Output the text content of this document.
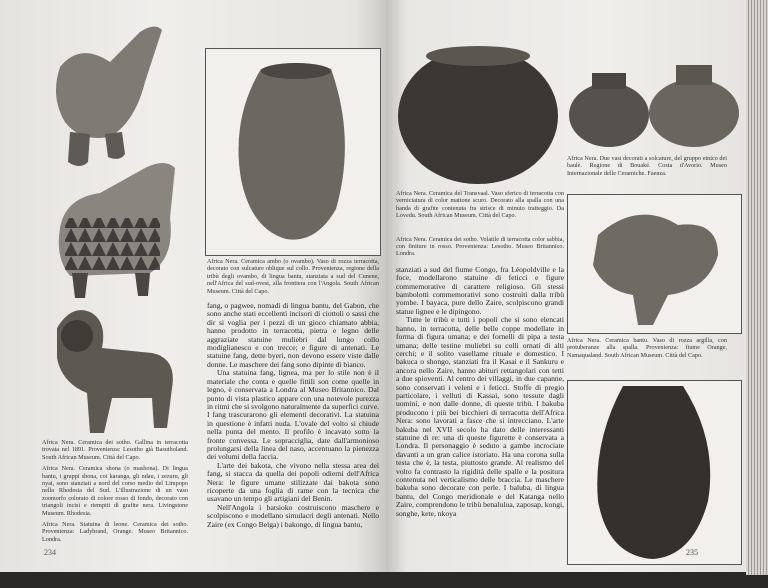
Africa Nera. Ceramica dei sotho. Gallina in terracotta trovata nel 1891. Provenienza: Lesotho già Basutholand. South African Museum. Città del Capo.
Africa Nera. Ceramica shona (o mashona). Di lingua bantu, i gruppi shona, coi karanga, gli ndau, i zezuru, gli nyai, sono stanziati a nord del corso medio del Limpopo nella Rhodesia del Sud. L'illustrazione di un vaso zoomorfo colorato di colore rosso di fondo, decorato con triangoli incisi e riempiti di grafite nera. Livingstone Museum. Rhodesia.
Africa Nera. Statuina di leone. Ceramica dei sotho. Provenienza: Ladybrand, Orange. Museo Britannico. Londra.
Africa Nera. Ceramica ambo (o ovambo). Vaso di rozza terracotta, decorato con sulcature oblique sul collo. Provenienza, regione della tribù degli ovambo, di lingua bantu, stanziata a sud del Cunene, nell'Africa del sud-ovest, alla frontiera con l'Angola. South African Museum. Città del Capo.

fang, o pagwee, nomadi di lingua bantu, del Gabon, che sono anche stati eccellenti incisori di ciottoli o sassi che dir si voglia per i pezzi di un gioco chiamato abbia, hanno prodotto in terracotta, pietra e legno delle aggraziate statuine muliebri dal lungo collo modiglianesco e con trecce; e figure di antenati. Le statuine fang, dette byeri, non devono essere viste dalle donne. Le maschere dei fang sono dipinte di bianco.

Una statuina fang, lignea, ma per lo stile non è il materiale che conta e quelle fittili son come quelle in legno, è conservata a Londra al Museo Britannico. Dal punto di vista plastico appare con una notevole purezza in ritmi che si svolgono naturalmente da superfici curve. I fang trascurarono gli elementi decorativi. La statuina in questione è infatti nuda. L'ovale del volto si chiude nella punta del mento. Il profilo è incavato sotto la fronte convessa. Le sopracciglia, date dall'armonioso prolungarsi della linea del naso, accentuano la pienezza dei volumi della faccia.

L'arte dei bakota, che vivono nella stessa area dei fang, si stacca da quella dei popoli odierni dell'Africa Nera: le figure umane stilizzate dai bakota sono ricoperte da una foglia di rame con la tecnica che usavano un tempo gli artigiani del Benin.

Nell'Angola i batsioko costruiscono maschere e scolpiscono e modellano simulacri degli antenati. Nello Zaire (ex Congo Belga) i bakongo, di lingua bantu,

234
Africa Nera. Ceramica del Transvaal. Vaso sferico di terracotta con verniciatura di color mattone scuro. Decorato alla spalla con una banda di grafite contenuta fra strisce di minuto tratteggio. Da Lovedu. South African Museum. Città del Capo.
Africa Nera. Ceramica dei sotho. Volatile di terracotta color sabbia, con finiture in rosso. Provenienza: Lesotho. Museo Britannico. Londra.

stanziati a sud del fiume Congo, fra Léopoldville e la foce, modellarono statuine di feticci e figure commemorative di carattere religioso. Gli stessi bambolotti commemorativi sono costruiti dalla tribù yombe. I bayaca, pure dello Zaire, scolpiscono grandi statue lignee e le dipingono.

Tutte le tribù e tutti i popoli che si sono elencati hanno, in terracotta, delle belle coppe modellate in forma di figura umana; e dei fornelli di pipa a testa umana; delle testine muliebri su colli ornati di alti cerchi; e il solito vasellame rituale e domestico. I bakuca o shongo, stanziati fra il Kasai e il Sankuru e ancora nello Zaire, hanno abituri rettangolari con tetti a due spioventi. Al centro dei villaggi, in due capanne, sono conservati i veleni e i feticci. Stoffe di pregio particolare, i velluti di Kassai, sono tessute dagli uomini, e non dalle donne, di queste tribù. I bakuba producono i più bei bicchieri di terracotta dell'Africa Nera: sono lavorati a fasce che si intrecciano. L'arte bakuba nel XVII secolo ha dato delle interessanti statuine di re: una di queste figurette è conservata a Londra. Il personaggio è seduto a gambe incrociate davanti a un gran calice istoriato. Ha una corona sulla testa che è, la testa, piuttosto grande. Al realismo del volto fa contrasto la rigidità delle spalle e la positura contenuta nel verticalismo delle braccia. Le maschere bakuba sono decorate con perle. I baluba, di lingua bantu, del Congo meridionale e del Katanga nello Zaire, comprendono le tribù benalulua, zaposap, kongi, songhe, kete, nkoya

Africa Nera. Due vasi decorati a solcature, del gruppo etnico dei baulè. Regione di Bouaké. Costa d'Avorio. Museo Internazionale delle Ceramiche. Faenza.
Africa Nera. Ceramica bantu. Vaso di rozza argilla, con protuberanze alla spalla. Provenienza: fiume Orange, Namaqualand. South African Museum. Città del Capo.
235
